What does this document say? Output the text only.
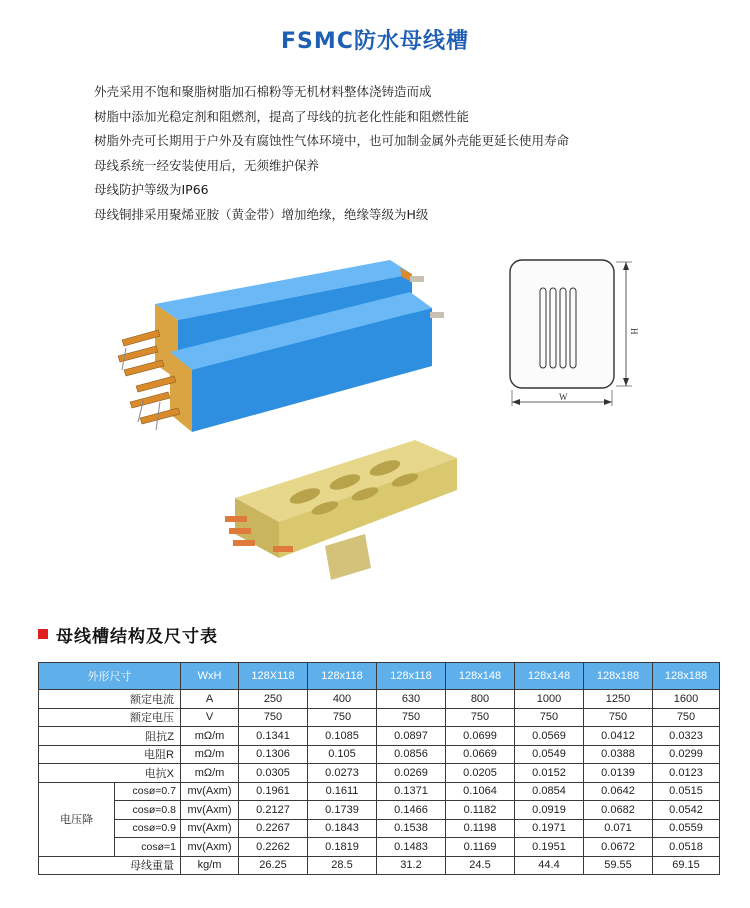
FSMC防水母线槽
外壳采用不饱和聚脂树脂加石棉粉等无机材料整体浇铸造而成
树脂中添加光稳定剂和阻燃剂，提高了母线的抗老化性能和阻燃性能
树脂外壳可长期用于户外及有腐蚀性气体环境中，也可加制金属外壳能更延长使用寿命
母线系统一经安装使用后，无须维护保养
母线防护等级为IP66
母线铜排采用聚烯亚胺（黄金带）增加绝缘，绝缘等级为H级
H
W
母线槽结构及尺寸表
外形尺寸		WxH	128X118	128x118	128x118	128x148	128x148	128x188	128x188
额定电流		A	250	400	630	800	1000	1250	1600
额定电压		V	750	750	750	750	750	750	750
阻抗Z		mΩ/m	0.1341	0.1085	0.0897	0.0699	0.0569	0.0412	0.0323
电阻R		mΩ/m	0.1306	0.105	0.0856	0.0669	0.0549	0.0388	0.0299
电抗X		mΩ/m	0.0305	0.0273	0.0269	0.0205	0.0152	0.0139	0.0123
电压降	cosø=0.7	mv(Axm)	0.1961	0.1611	0.1371	0.1064	0.0854	0.0642	0.0515
	cosø=0.8	mv(Axm)	0.2127	0.1739	0.1466	0.1182	0.0919	0.0682	0.0542
	cosø=0.9	mv(Axm)	0.2267	0.1843	0.1538	0.1198	0.1971	0.071	0.0559
	cosø=1	mv(Axm)	0.2262	0.1819	0.1483	0.1169	0.1951	0.0672	0.0518
母线重量		kg/m	26.25	28.5	31.2	24.5	44.4	59.55	69.15
